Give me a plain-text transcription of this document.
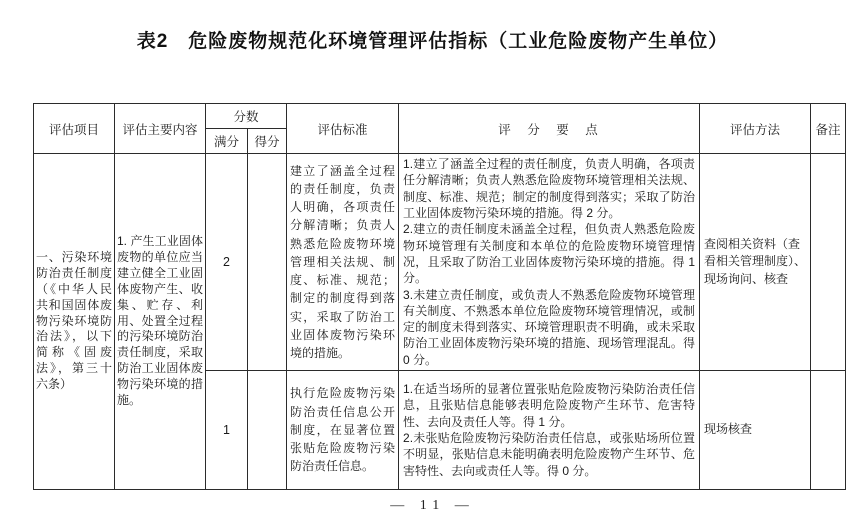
表2　危险废物规范化环境管理评估指标（工业危险废物产生单位）
评估项目	评估主要内容	分数		评估标准	评　分　要　点	评估方法	备注
		满分	得分				
一、污染环境防治责任制度（《中华人民共和国固体废物污染环境防治法》，以下简称《固废法》，第三十六条）	1. 产生工业固体废物的单位应当建立健全工业固体废物产生、收集、贮存、利用、处置全过程的污染环境防治责任制度，采取防治工业固体废物污染环境的措施。	2		建立了涵盖全过程的责任制度，负责人明确，各项责任分解清晰；负责人熟悉危险废物环境管理相关法规、制度、标准、规范；制定的制度得到落实，采取了防治工业固体废物污染环境的措施。	1.建立了涵盖全过程的责任制度，负责人明确，各项责任分解清晰；负责人熟悉危险废物环境管理相关法规、制度、标准、规范；制定的制度得到落实；采取了防治工业固体废物污染环境的措施。得 2 分。
2.建立的责任制度未涵盖全过程，但负责人熟悉危险废物环境管理有关制度和本单位的危险废物环境管理情况，且采取了防治工业固体废物污染环境的措施。得 1 分。
3.未建立责任制度，或负责人不熟悉危险废物环境管理有关制度、不熟悉本单位危险废物环境管理情况，或制定的制度未得到落实、环境管理职责不明确，或未采取防治工业固体废物污染环境的措施、现场管理混乱。得 0 分。	查阅相关资料（查看相关管理制度）、现场询问、核查	
		1		执行危险废物污染防治责任信息公开制度，在显著位置张贴危险废物污染防治责任信息。	1.在适当场所的显著位置张贴危险废物污染防治责任信息，且张贴信息能够表明危险废物产生环节、危害特性、去向及责任人等。得 1 分。
2.未张贴危险废物污染防治责任信息，或张贴场所位置不明显，张贴信息未能明确表明危险废物产生环节、危害特性、去向或责任人等。得 0 分。	现场核查	
— 11 —
